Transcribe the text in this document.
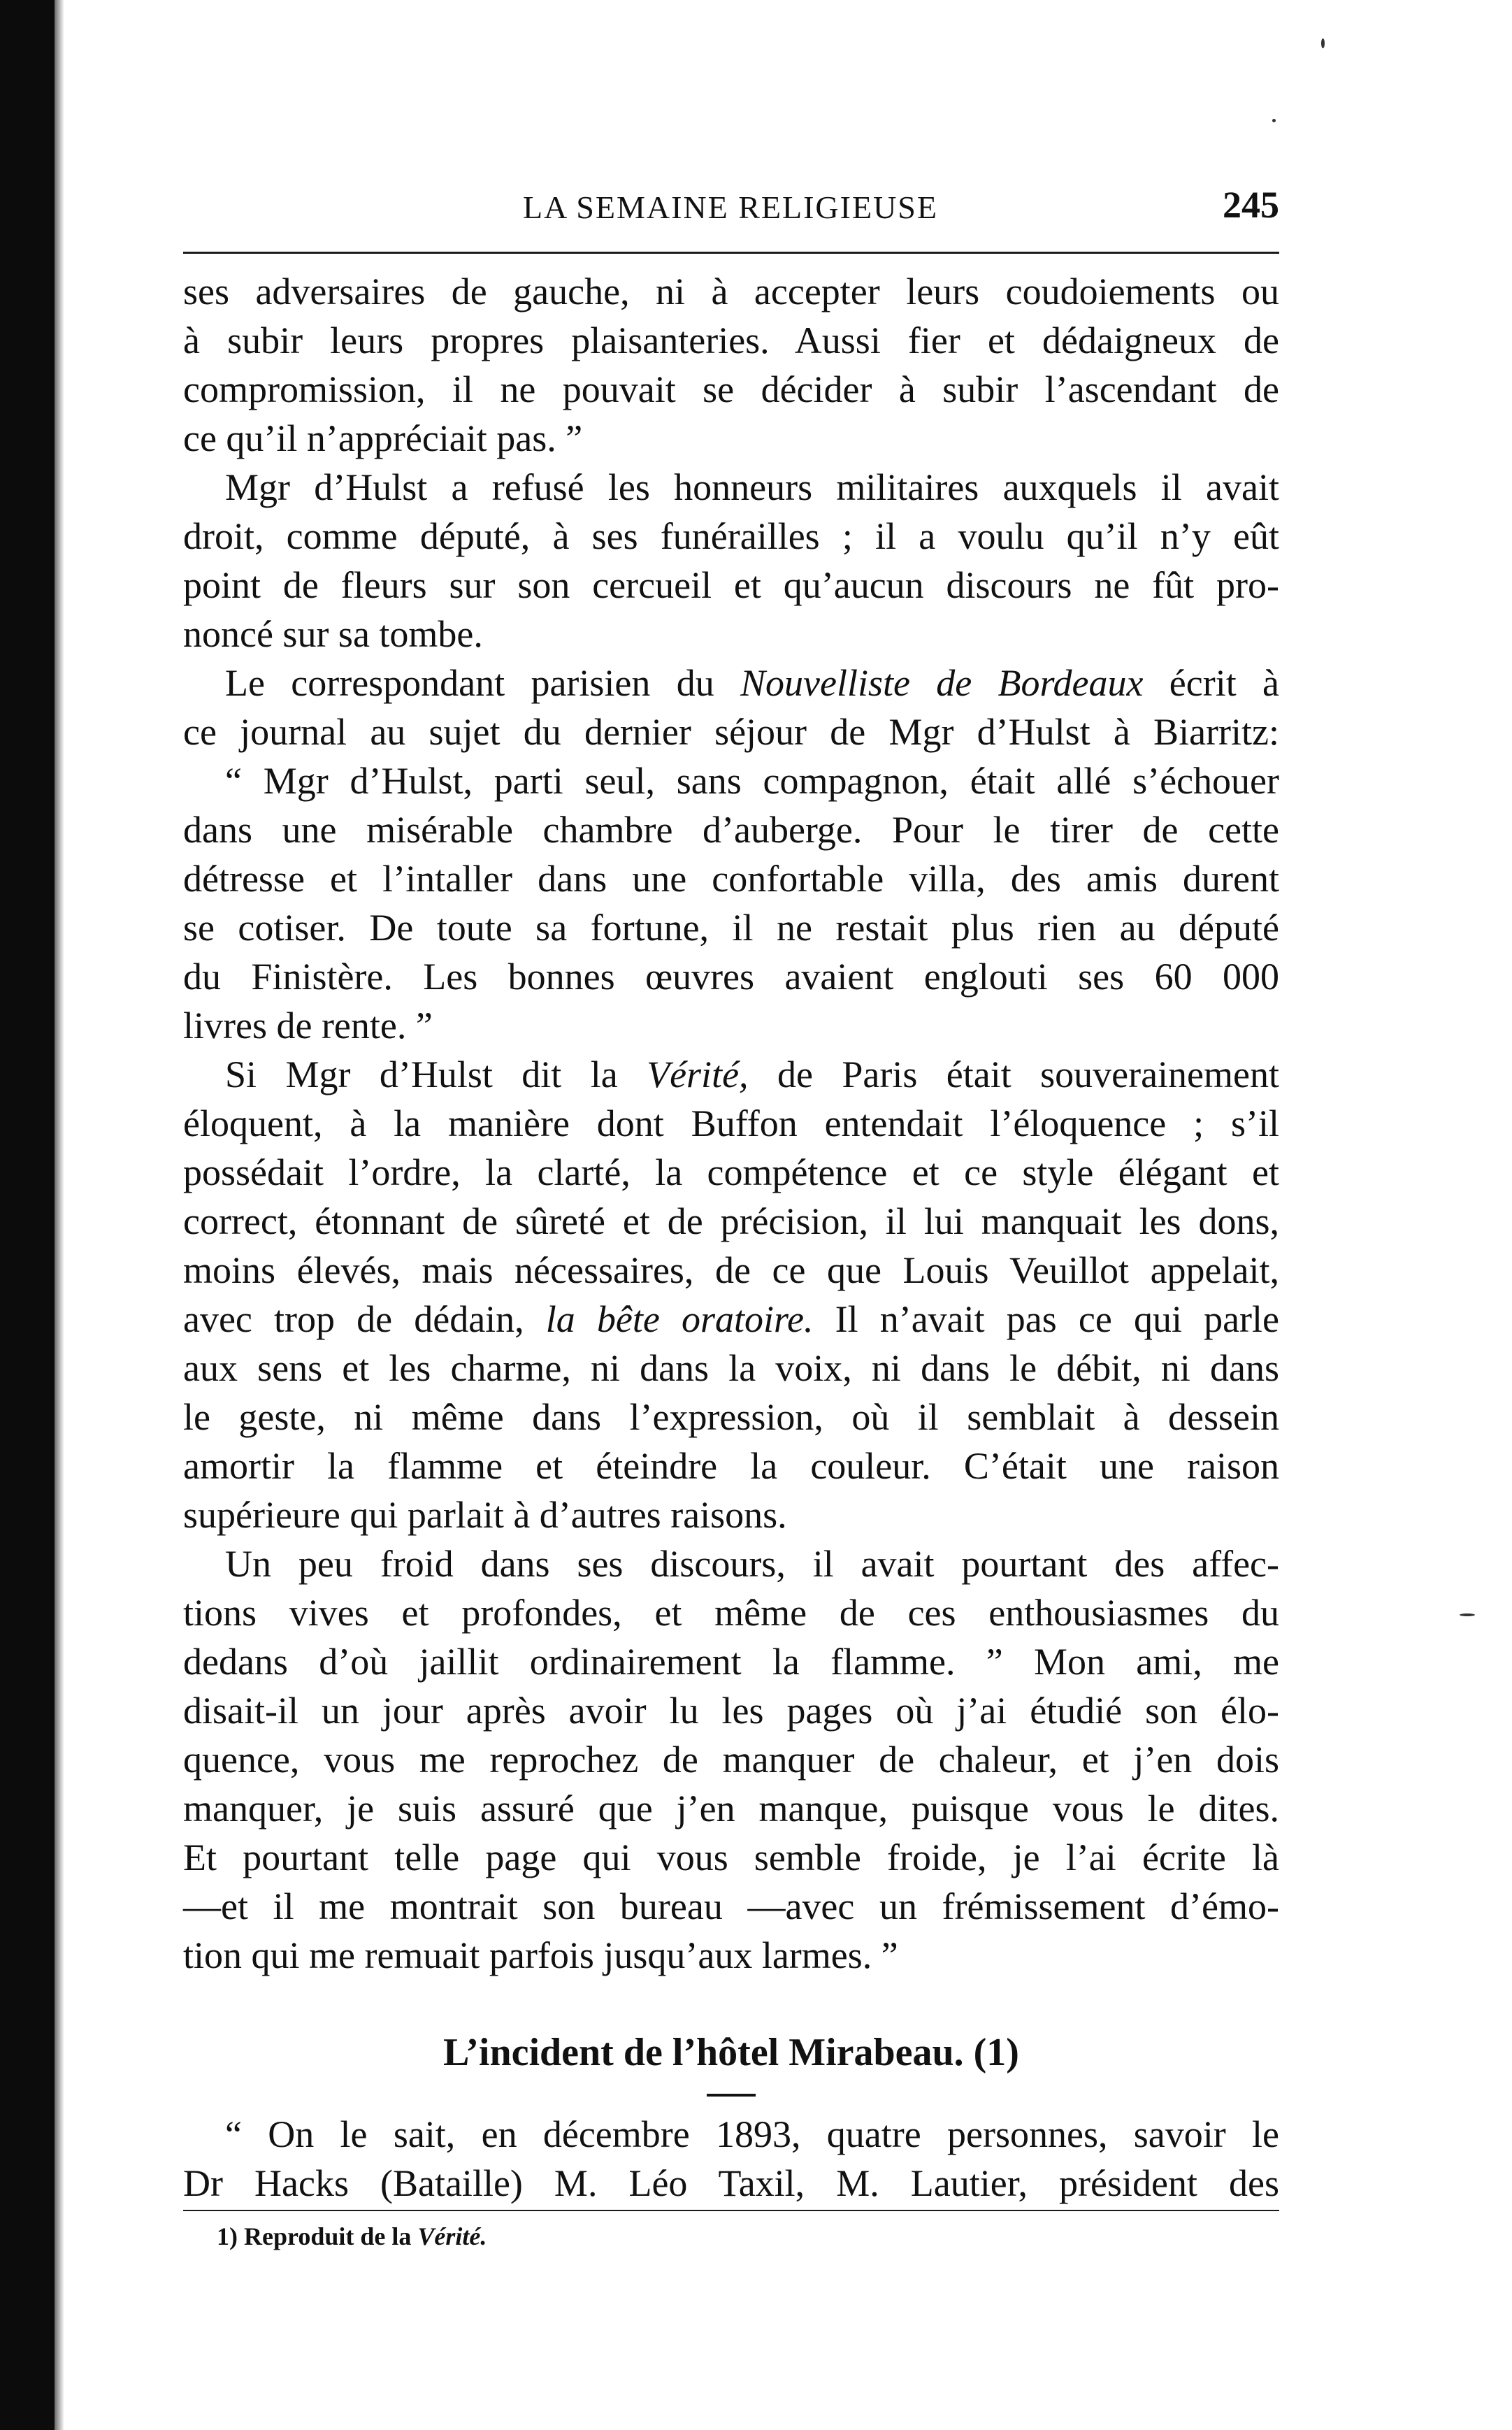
LA SEMAINE RELIGIEUSE	245
ses adversaires de gauche, ni à accepter leurs coudoiements ou
à subir leurs propres plaisanteries. Aussi fier et dédaigneux de
compromission, il ne pouvait se décider à subir l’ascendant de
ce qu’il n’appréciait pas. ”
Mgr d’Hulst a refusé les honneurs militaires auxquels il avait
droit, comme député, à ses funérailles ; il a voulu qu’il n’y eût
point de fleurs sur son cercueil et qu’aucun discours ne fût pro-
noncé sur sa tombe.
Le correspondant parisien du Nouvelliste de Bordeaux écrit à
ce journal au sujet du dernier séjour de Mgr d’Hulst à Biarritz:
“ Mgr d’Hulst, parti seul, sans compagnon, était allé s’échouer
dans une misérable chambre d’auberge. Pour le tirer de cette
détresse et l’intaller dans une confortable villa, des amis durent
se cotiser. De toute sa fortune, il ne restait plus rien au député
du Finistère. Les bonnes œuvres avaient englouti ses 60 000
livres de rente. ”
Si Mgr d’Hulst dit la Vérité, de Paris était souverainement
éloquent, à la manière dont Buffon entendait l’éloquence ; s’il
possédait l’ordre, la clarté, la compétence et ce style élégant et
correct, étonnant de sûreté et de précision, il lui manquait les dons,
moins élevés, mais nécessaires, de ce que Louis Veuillot appelait,
avec trop de dédain, la bête oratoire. Il n’avait pas ce qui parle
aux sens et les charme, ni dans la voix, ni dans le débit, ni dans
le geste, ni même dans l’expression, où il semblait à dessein
amortir la flamme et éteindre la couleur. C’était une raison
supérieure qui parlait à d’autres raisons.
Un peu froid dans ses discours, il avait pourtant des affec-
tions vives et profondes, et même de ces enthousiasmes du
dedans d’où jaillit ordinairement la flamme. ” Mon ami, me
disait-il un jour après avoir lu les pages où j’ai étudié son élo-
quence, vous me reprochez de manquer de chaleur, et j’en dois
manquer, je suis assuré que j’en manque, puisque vous le dites.
Et pourtant telle page qui vous semble froide, je l’ai écrite là
—et il me montrait son bureau —avec un frémissement d’émo-
tion qui me remuait parfois jusqu’aux larmes. ”
L’incident de l’hôtel Mirabeau. (1)
“ On le sait, en décembre 1893, quatre personnes, savoir le
Dr Hacks (Bataille) M. Léo Taxil, M. Lautier, président des
1) Reproduit de la Vérité.
